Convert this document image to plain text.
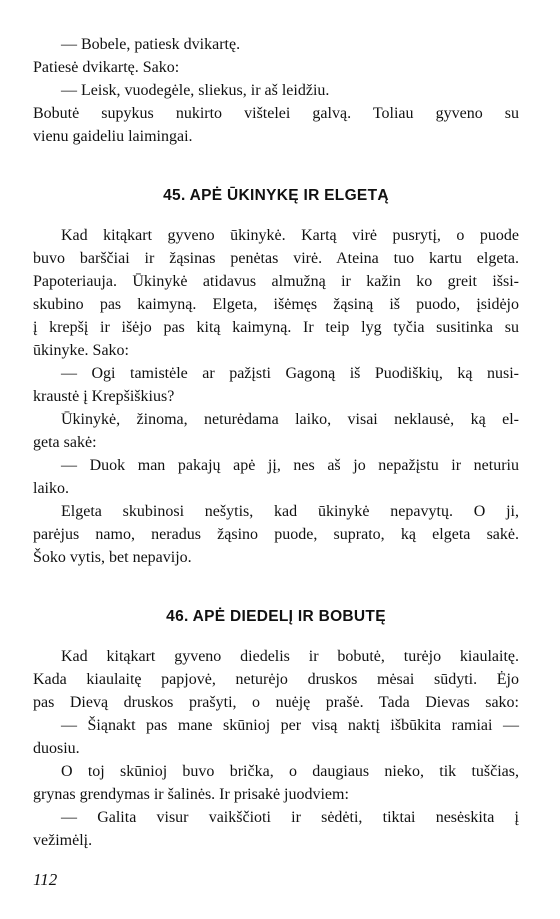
— Bobele, patiesk dvikartę.

Patiesė dvikartę. Sako:

— Leisk, vuodegėle, sliekus, ir aš leidžiu.

Bobutė supykus nukirto vištelei galvą. Toliau gyveno su

vienu gaideliu laimingai.

45. APĖ ŪKINYKĘ IR ELGETĄ

Kad kitąkart gyveno ūkinykė. Kartą virė pusrytį, o puode

buvo barščiai ir žąsinas penėtas virė. Ateina tuo kartu elgeta.

Papoteriauja. Ūkinykė atidavus almužną ir kažin ko greit išsi-

skubino pas kaimyną. Elgeta, išėmęs žąsiną iš puodo, įsidėjo

į krepšį ir išėjo pas kitą kaimyną. Ir teip lyg tyčia susitinka su

ūkinyke. Sako:

— Ogi tamistėle ar pažįsti Gagoną iš Puodiškių, ką nusi-

kraustė į Krepšiškius?

Ūkinykė, žinoma, neturėdama laiko, visai neklausė, ką el-

geta sakė:

— Duok man pakajų apė jį, nes aš jo nepažįstu ir neturiu

laiko.

Elgeta skubinosi nešytis, kad ūkinykė nepavytų. O ji,

parėjus namo, neradus žąsino puode, suprato, ką elgeta sakė.

Šoko vytis, bet nepavijo.

46. APĖ DIEDELĮ IR BOBUTĘ

Kad kitąkart gyveno diedelis ir bobutė, turėjo kiaulaitę.

Kada kiaulaitę papjovė, neturėjo druskos mėsai sūdyti. Ėjo

pas Dievą druskos prašyti, o nuėję prašė. Tada Dievas sako:

— Šiąnakt pas mane skūnioj per visą naktį išbūkita ramiai —

duosiu.

O toj skūnioj buvo brička, o daugiaus nieko, tik tuščias,

grynas grendymas ir šalinės. Ir prisakė juodviem:

— Galita visur vaikščioti ir sėdėti, tiktai nesėskita į

vežimėlį.

112
